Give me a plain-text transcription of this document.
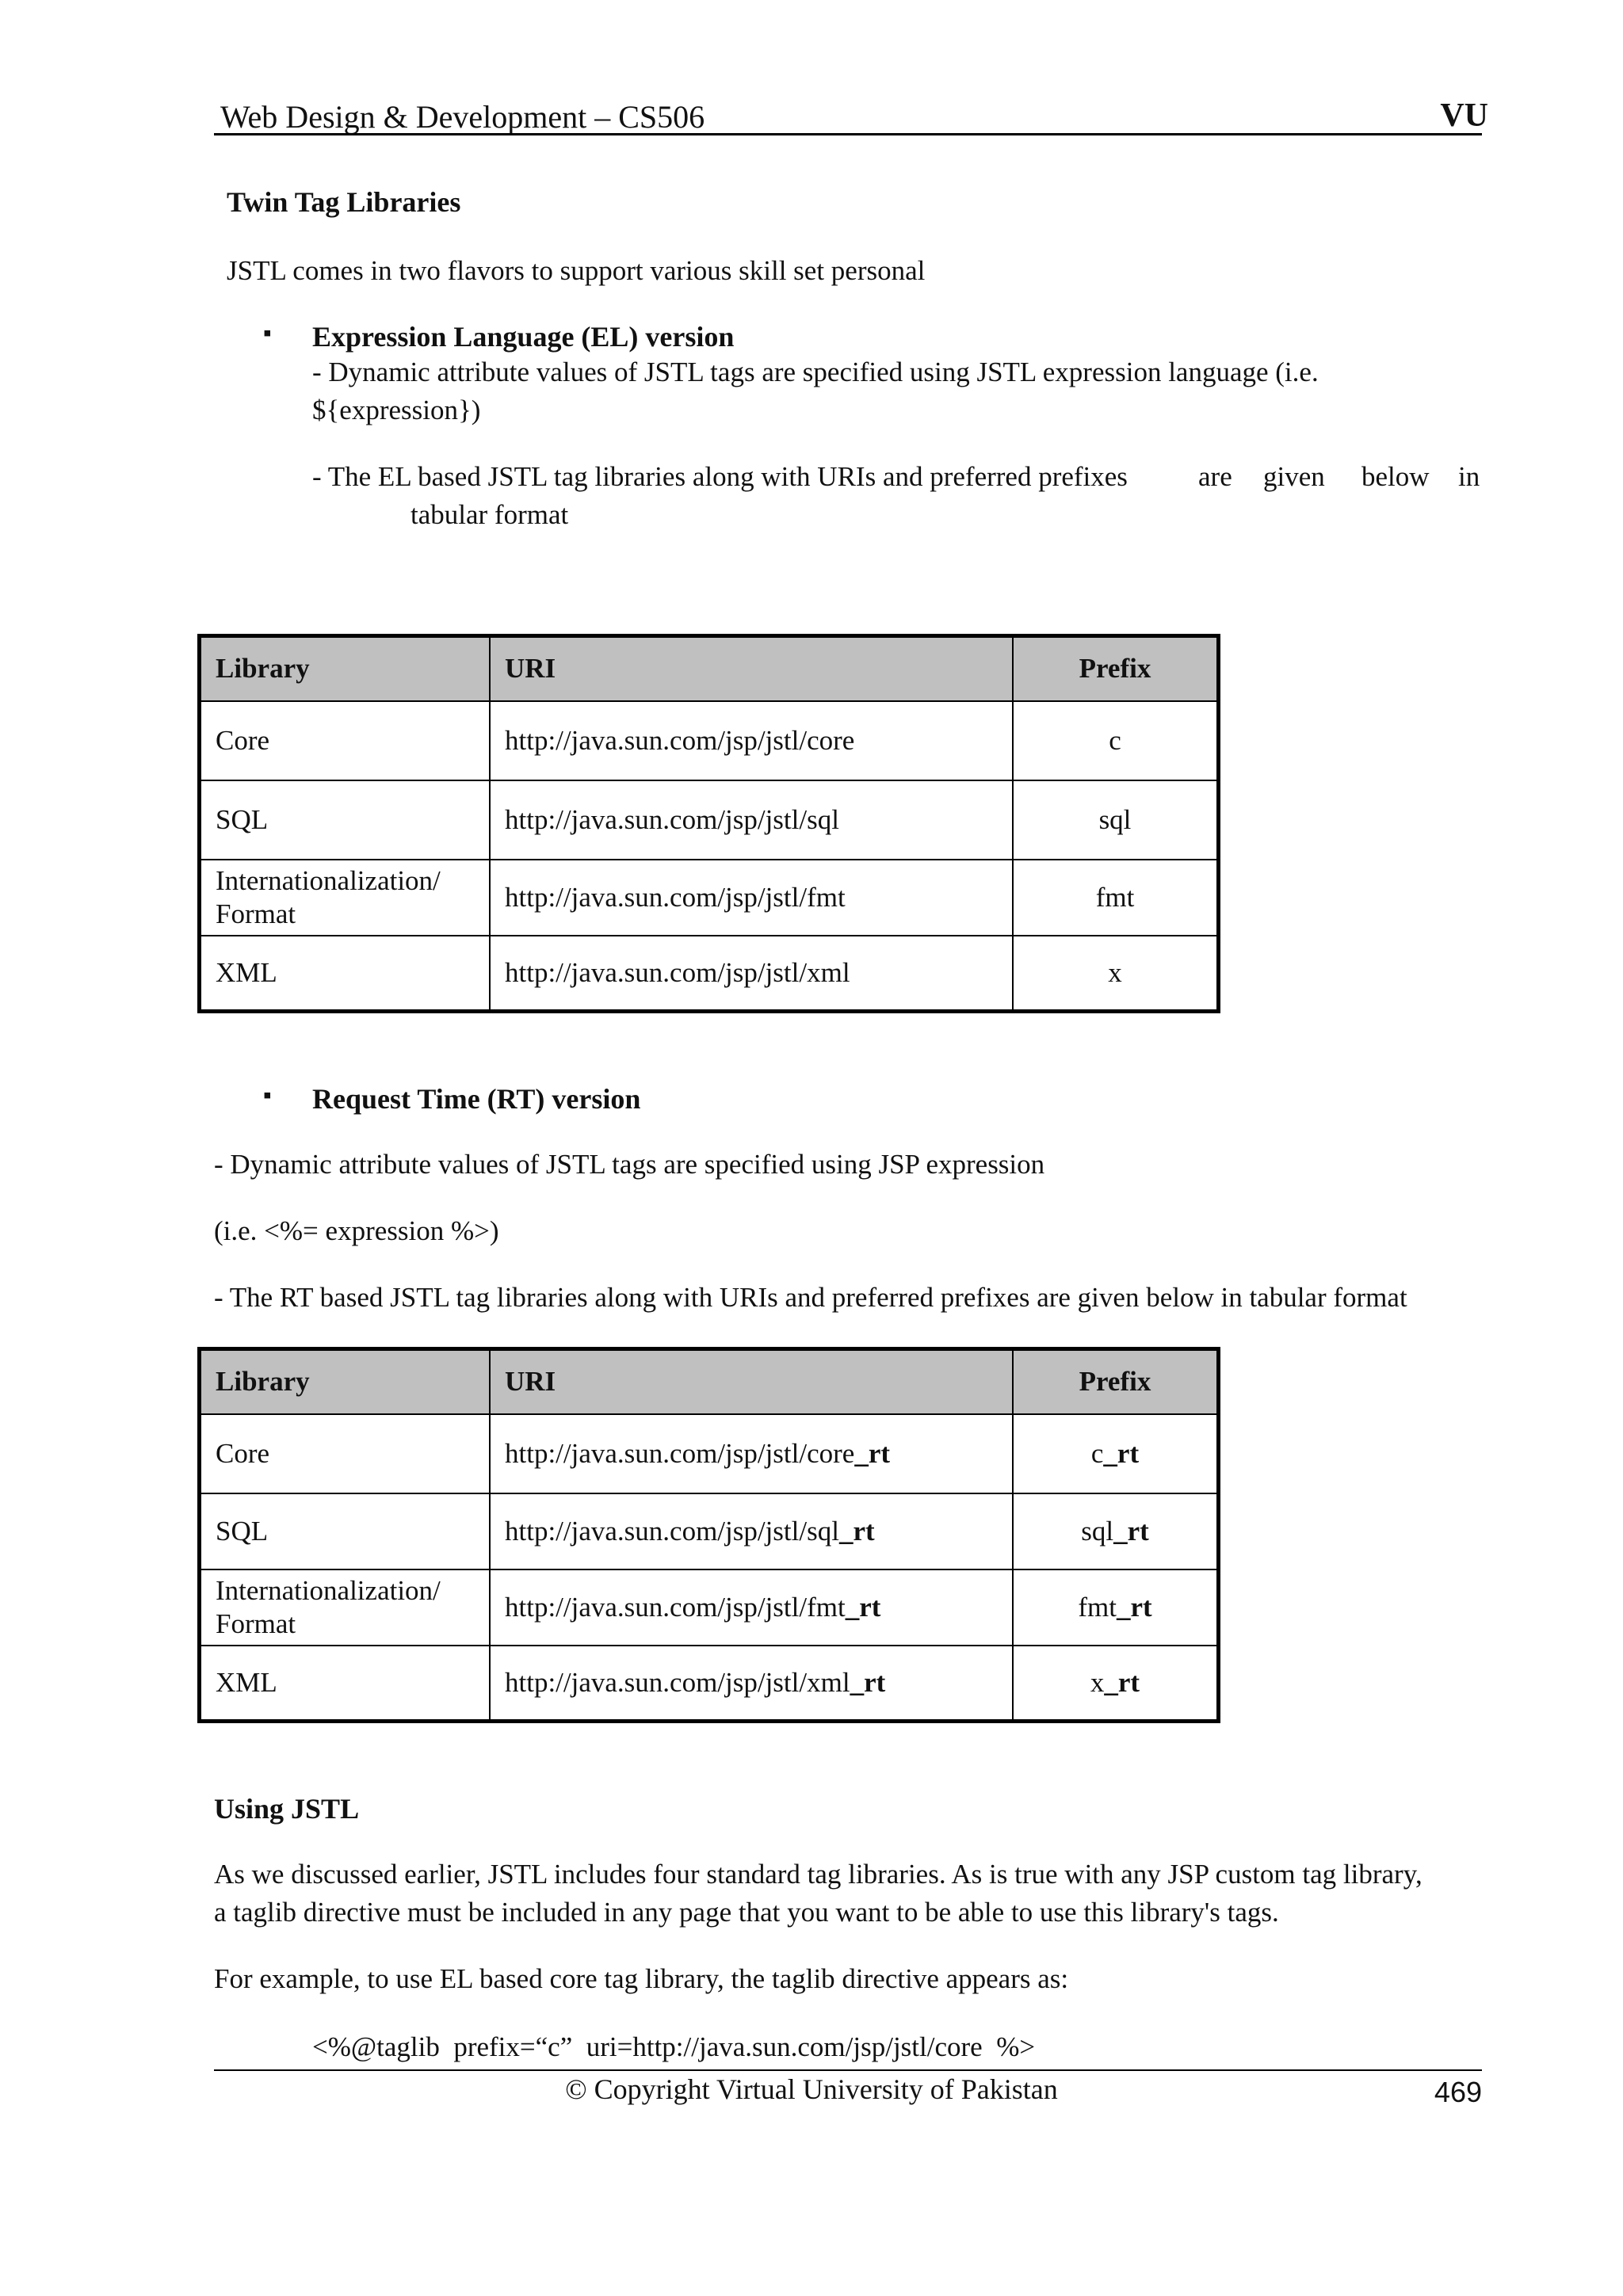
Web Design & Development – CS506	VU
Twin Tag Libraries
JSTL comes in two flavors to support various skill set personal
▪ Expression Language (EL) version
- Dynamic attribute values of JSTL tags are specified using JSTL expression language (i.e.
${expression})
- The EL based JSTL tag libraries along with URIs and preferred prefixes	are given below in
tabular format
Library	URI	Prefix
Core	http://java.sun.com/jsp/jstl/core	c
SQL	http://java.sun.com/jsp/jstl/sql	sql
Internationalization/ Format	http://java.sun.com/jsp/jstl/fmt	fmt
XML	http://java.sun.com/jsp/jstl/xml	x
▪ Request Time (RT) version
- Dynamic attribute values of JSTL tags are specified using JSP expression
(i.e. <%= expression %>)
- The RT based JSTL tag libraries along with URIs and preferred prefixes are given below in tabular format
Library	URI	Prefix
Core	http://java.sun.com/jsp/jstl/core_rt	c_rt
SQL	http://java.sun.com/jsp/jstl/sql_rt	sql_rt
Internationalization/ Format	http://java.sun.com/jsp/jstl/fmt_rt	fmt_rt
XML	http://java.sun.com/jsp/jstl/xml_rt	x_rt
Using JSTL
As we discussed earlier, JSTL includes four standard tag libraries. As is true with any JSP custom tag library,
a taglib directive must be included in any page that you want to be able to use this library's tags.
For example, to use EL based core tag library, the taglib directive appears as:
<%@taglib  prefix=“c”  uri=http://java.sun.com/jsp/jstl/core  %>
© Copyright Virtual University of Pakistan	469
